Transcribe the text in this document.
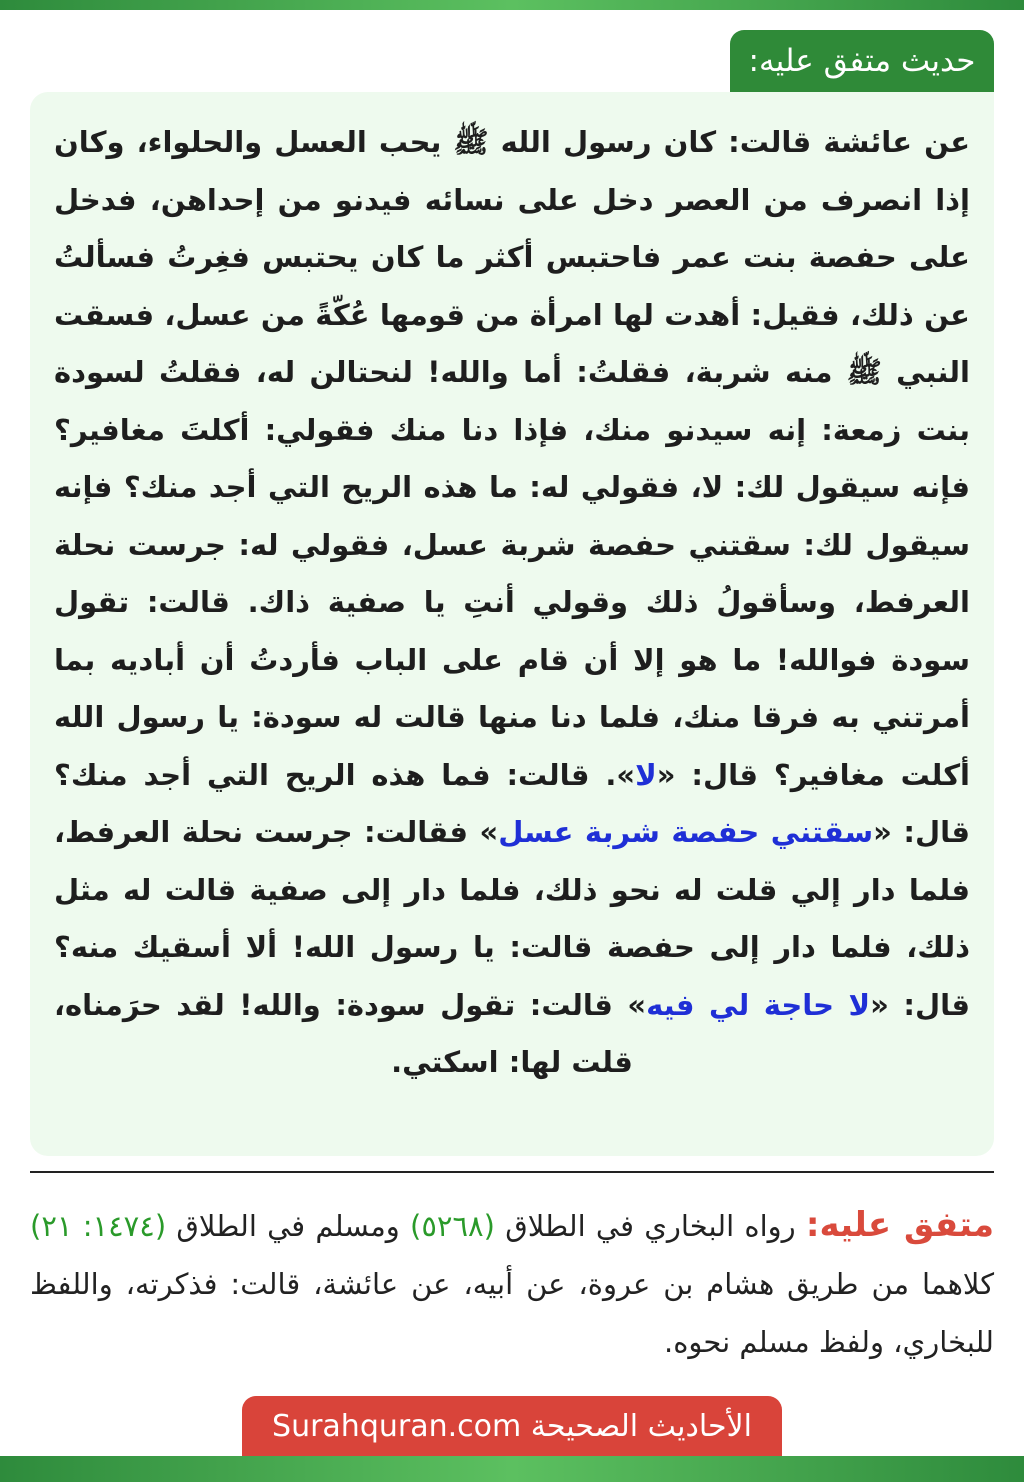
حديث متفق عليه:
عن عائشة قالت: كان رسول الله ﷺ يحب العسل والحلواء، وكان إذا انصرف من العصر دخل على نسائه فيدنو من إحداهن، فدخل على حفصة بنت عمر فاحتبس أكثر ما كان يحتبس فغِرتُ فسألتُ عن ذلك، فقيل: أهدت لها امرأة من قومها عُكّةً من عسل، فسقت النبي ﷺ منه شربة، فقلتُ: أما والله! لنحتالن له، فقلتُ لسودة بنت زمعة: إنه سيدنو منك، فإذا دنا منك فقولي: أكلتَ مغافير؟ فإنه سيقول لك: لا، فقولي له: ما هذه الريح التي أجد منك؟ فإنه سيقول لك: سقتني حفصة شربة عسل، فقولي له: جرست نحلة العرفط، وسأقولُ ذلك وقولي أنتِ يا صفية ذاك. قالت: تقول سودة فوالله! ما هو إلا أن قام على الباب فأردتُ أن أباديه بما أمرتني به فرقا منك، فلما دنا منها قالت له سودة: يا رسول الله أكلت مغافير؟ قال: «لا». قالت: فما هذه الريح التي أجد منك؟ قال: «سقتني حفصة شربة عسل» فقالت: جرست نحلة العرفط، فلما دار إلي قلت له نحو ذلك، فلما دار إلى صفية قالت له مثل ذلك، فلما دار إلى حفصة قالت: يا رسول الله! ألا أسقيك منه؟ قال: «لا حاجة لي فيه» قالت: تقول سودة: والله! لقد حرَمناه، قلت لها: اسكتي.
متفق عليه: رواه البخاري في الطلاق (٥٢٦٨) ومسلم في الطلاق (١٤٧٤: ٢١) كلاهما من طريق هشام بن عروة، عن أبيه، عن عائشة، قالت: فذكرته، واللفظ للبخاري، ولفظ مسلم نحوه.
الأحاديث الصحيحة Surahquran.com
